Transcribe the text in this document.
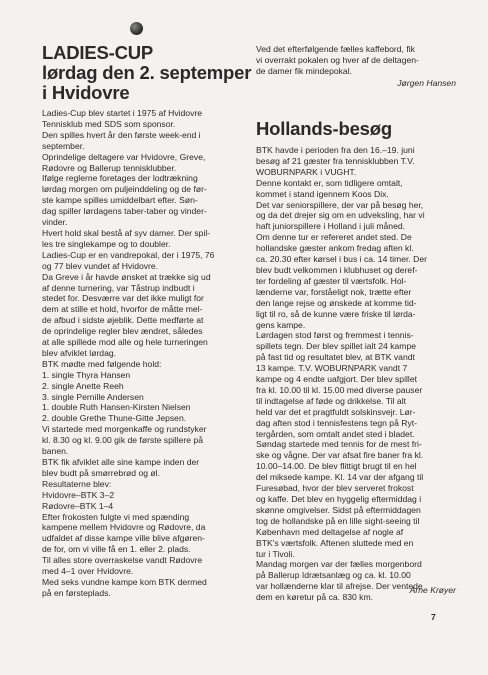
LADIES-CUP
lørdag den 2. septemper
i Hvidovre
Ladies-Cup blev startet i 1975 af Hvidovre
Tennisklub med SDS som sponsor.
Den spilles hvert år den første week-end i
september.
Oprindelige deltagere var Hvidovre, Greve,
Rødovre og Ballerup tennisklubber.
Ifølge reglerne foretages der lodtrækning
lørdag morgen om puljeinddeling og de før-
ste kampe spilles umiddelbart efter. Søn-
dag spiller lørdagens taber-taber og vinder-
vinder.
Hvert hold skal bestå af syv damer. Der spil-
les tre singlekampe og to doubler.
Ladies-Cup er en vandrepokal, der i 1975, 76
og 77 blev vundet af Hvidovre.
Da Greve i år havde ønsket at trække sig ud
af denne turnering, var Tåstrup indbudt i
stedet for. Desværre var det ikke muligt for
dem at stille et hold, hvorfor de måtte mel-
de afbud i sidste øjeblik. Dette medførte at
de oprindelige regler blev ændret, således
at alle spillede mod alle og hele turneringen
blev afviklet lørdag.
BTK mødte med følgende hold:
1. single Thyra Hansen
2. single Anette Reeh
3. single Pernille Andersen
1. double Ruth Hansen-Kirsten Nielsen
2. double Grethe Thune-Gitte Jepsen.
Vi startede med morgenkaffe og rundstyker
kl. 8.30 og kl. 9.00 gik de første spillere på
banen.
BTK fik afviklet alle sine kampe inden der
blev budt på smørrebrød og øl.
Resultaterne blev:
Hvidovre–BTK 3–2
Rødovre–BTK 1–4
Efter frokosten fulgte vi med spænding
kampene mellem Hvidovre og Rødovre, da
udfaldet af disse kampe ville blive afgøren-
de for, om vi ville få en 1. eller 2. plads.
Til alles store overraskelse vandt Rødovre
med 4–1 over Hvidovre.
Med seks vundne kampe kom BTK dermed
på en førsteplads.
Ved det efterfølgende fælles kaffebord, fik
vi overrakt pokalen og hver af de deltagen-
de damer fik mindepokal.
Jørgen Hansen
Hollands-besøg
BTK havde i perioden fra den 16.–19. juni
besøg af 21 gæster fra tennisklubben T.V.
WOBURNPARK i VUGHT.
Denne kontakt er, som tidligere omtalt,
kommet i stand igennem Koos Dix.
Det var seniorspillere, der var på besøg her,
og da det drejer sig om en udveksling, har vi
haft juniorspillere i Holland i juli måned.
Om denne tur er refereret andet sted. De
hollandske gæster ankom fredag aften kl.
ca. 20.30 efter kørsel i bus i ca. 14 timer. Der
blev budt velkommen i klubhuset og deref-
ter fordeling af gæster til værtsfolk. Hol-
lænderne var, forståeligt nok, trætte efter
den lange rejse og ønskede at komme tid-
ligt til ro, så de kunne være friske til lørda-
gens kampe.
Lørdagen stod først og fremmest i tennis-
spillets tegn. Der blev spillet ialt 24 kampe
på fast tid og resultatet blev, at BTK vandt
13 kampe. T.V. WOBURNPARK vandt 7
kampe og 4 endte uafgjort. Der blev spillet
fra kl. 10.00 til kl. 15.00 med diverse pauser
til indtagelse af føde og drikkelse. Til alt
held var det et pragtfuldt solskinsvejr. Lør-
dag aften stod i tennisfestens tegn på Ryt-
tergården, som omtalt andet sted i bladet.
Søndag startede med tennis for de mest fri-
ske og vågne. Der var afsat fire baner fra kl.
10.00–14.00. De blev flittigt brugt til en hel
del miksede kampe. Kl. 14 var der afgang til
Furesøbad, hvor der blev serveret frokost
og kaffe. Det blev en hyggelig eftermiddag i
skønne omgivelser. Sidst på eftermiddagen
tog de hollandske på en lille sight-seeing til
København med deltagelse af nogle af
BTK's værtsfolk. Aftenen sluttede med en
tur i Tivoli.
Mandag morgen var der fælles morgenbord
på Ballerup Idrætsanlæg og ca. kl. 10.00
var hollænderne klar til afrejse. Der ventede
dem en køretur på ca. 830 km.
Arne Krøyer
7
